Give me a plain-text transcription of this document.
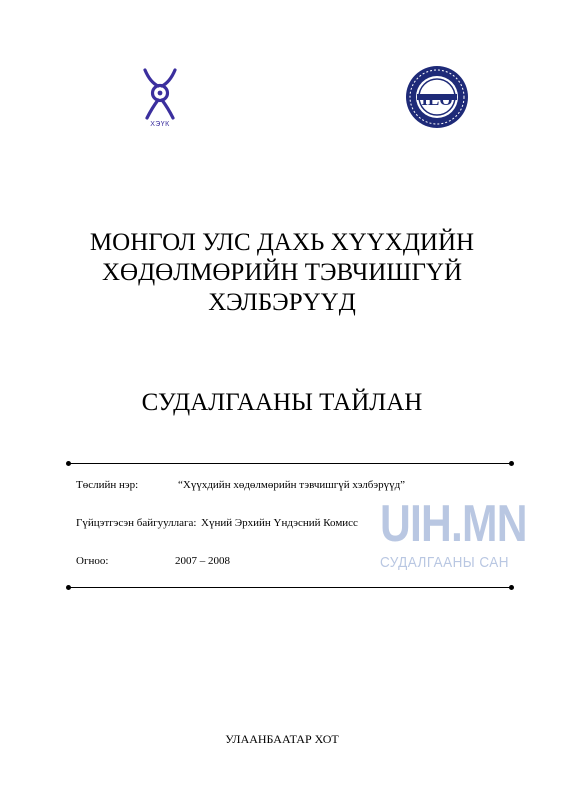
ХЭҮК
ILO
МОНГОЛ УЛС ДАХЬ ХҮҮХДИЙН
ХӨДӨЛМӨРИЙН ТЭВЧИШГҮЙ
ХЭЛБЭРҮҮД
СУДАЛГААНЫ ТАЙЛАН
Төслийн нэр:	“Хүүхдийн хөдөлмөрийн тэвчишгүй хэлбэрүүд”
Гүйцэтгэсэн байгууллага: Хүний Эрхийн Үндэсний Комисс
Огноо:	2007 – 2008
UIH.MN
СУДАЛГААНЫ САН

УЛААНБААТАР ХОТ
